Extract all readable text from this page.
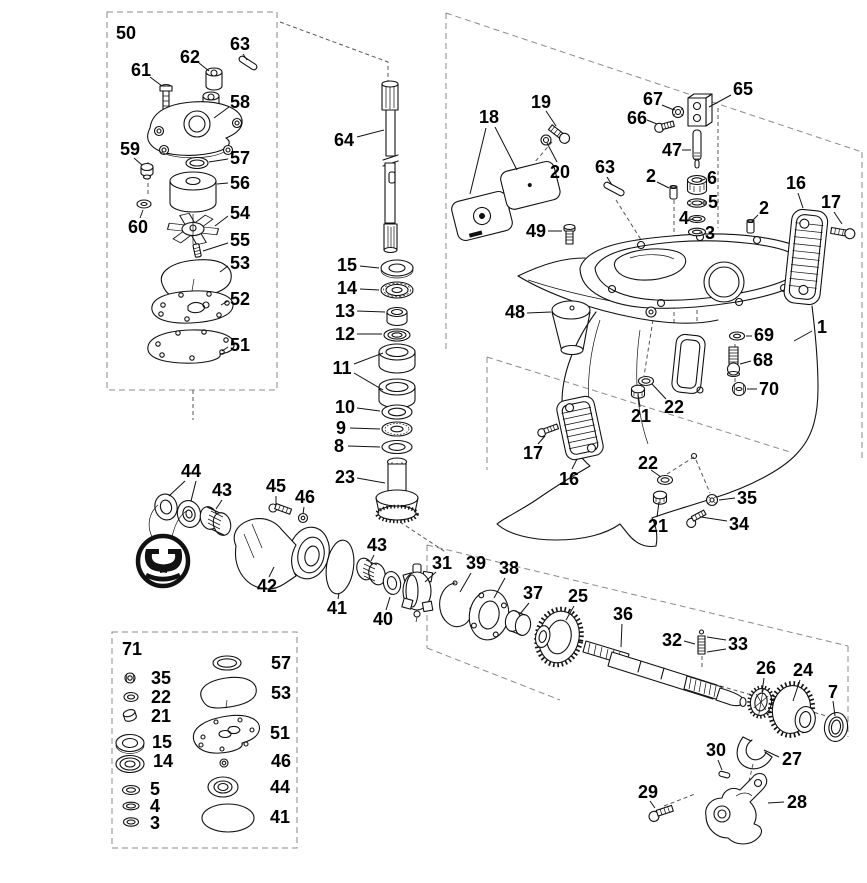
50
61
62
63
58
59	57
56
60
54
55
53
52
51
64
15
14
13
12
11
10
9
8
23
18
19
20
67
66
65
47
63 2	6
5
4
3
49
16
17
2
1
48
69
68
70
22
21
17
16
22
21
35
34
44
43 45
46
42
41
43
40
31 39 38
37 25
36
32	33
26 24
7
30	27
29	28
71
35
22
21
15
14
5
4
3
57
53
51
46
44
41
